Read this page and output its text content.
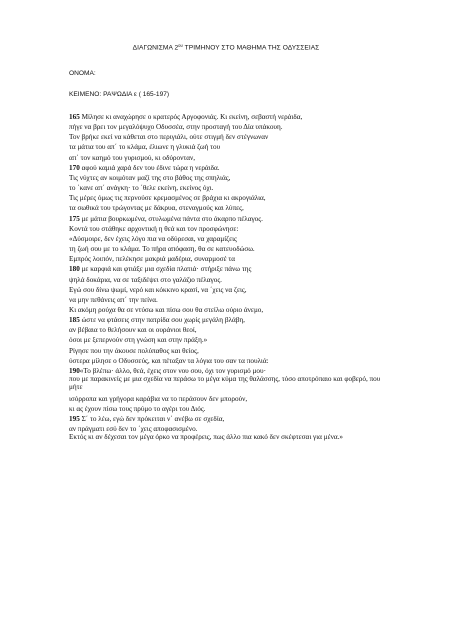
ΔΙΑΓΩΝΙΣΜΑ $2^{o\upsilon}$ ΤΡΙΜΗΝΟΥ ΣΤΟ ΜΑΘΗΜΑ ΤΗΣ ΟΔΥΣΣΕΙΑΣ
ΟΝΟΜΑ:
ΚΕΙΜΕΝΟ: ΡΑΨΩΔΙΑ ε ( 165-197)
165 Μίλησε κι αναχώρησε ο κρατερός Αργοφονιάς. Κι εκείνη, σεβαστή νεράιδα,
πήγε να βρει τον μεγαλόψυχο Οδυσσέα, στην προσταγή του Δία υπάκουη.
Τον βρήκε εκεί να κάθεται στο περιγιάλι, ούτε στιγμή δεν στέγνωναν
τα μάτια του απ΄ το κλάμα, έλιωνε η γλυκιά ζωή του
απ΄ τον καημό του γυρισμού, κι οδύρονταν,
170 αφού καμιά χαρά δεν του έδινε τώρα η νεράιδα.
Τις νύχτες αν κοιμόταν μαζί της στο βάθος της σπηλιάς,
το ΄κανε απ΄ ανάγκη· το ΄θελε εκείνη, εκείνος όχι.
Τις μέρες όμως τις περνούσε κρεμασμένος σε βράχια κι ακρογιάλια,
τα σωθικά του τρώγοντας με δάκρυα, στεναγμούς και λύπες,
175 με μάτια βουρκωμένα, στυλωμένα πάντα στο άκαρπο πέλαγος.
Κοντά του στάθηκε αρχοντική η θεά και τον προσφώνησε:
«Δύσμοιρε, δεν έχεις λόγο πια να οδύρεσαι, να χαραμίζεις
τη ζωή σου με το κλάμα. Το πήρα απόφαση, θα σε κατευοδώσω.
Εμπρός λοιπόν, πελέκησε μακριά μαδέρια, συναρμοσέ τα
180 με καρφιά και φτιάξε μια σχεδία πλατιά· στήριξε πάνω της
ψηλά δοκάρια, να σε ταξιδέψει στο γαλάζιο πέλαγος.
Εγώ σου δίνω ψωμί, νερό και κόκκινο κρασί, να ΄χεις να ζεις,
να μην πεθάνεις απ΄ την πείνα.
Κι ακόμη ρούχα θα σε ντύσω και πίσω σου θα στείλω ούριο άνεμο,
185 ώστε να φτάσεις στην πατρίδα σου χωρίς μεγάλη βλάβη,
αν βέβαια το θελήσουν και οι ουράνιοι θεοί,
όσοι με ξεπερνούν στη γνώση και στην πράξη.»
Ρίγησε που την άκουσε πολύπαθος και θείος,
ύστερα μίλησε ο Οδυσσεύς, και πέταξαν τα λόγια του σαν τα πουλιά:
190«Το βλέπω· άλλο, θεά, έχεις στον νου σου, όχι τον γυρισμό μου·
που με παρακινείς με μια σχεδία να περάσω το μέγα κύμα της θαλάσσης, τόσο αποτρόπαιο και φοβερό, που μήτε
ισόρροπα και γρήγορα καράβια να το περάσουν δεν μπορούν,
κι ας έχουν πίσω τους πρύμο το αγέρι του Διός.
195 Σ΄ το λέω, εγώ δεν πρόκειται ν΄ ανέβω σε σχεδία,
αν πράγματι εσύ δεν το ΄χεις αποφασισμένο.
Εκτός κι αν δέχεσαι τον μέγα όρκο να προφέρεις, πως άλλο πια κακό δεν σκέφτεσαι για μένα.»
